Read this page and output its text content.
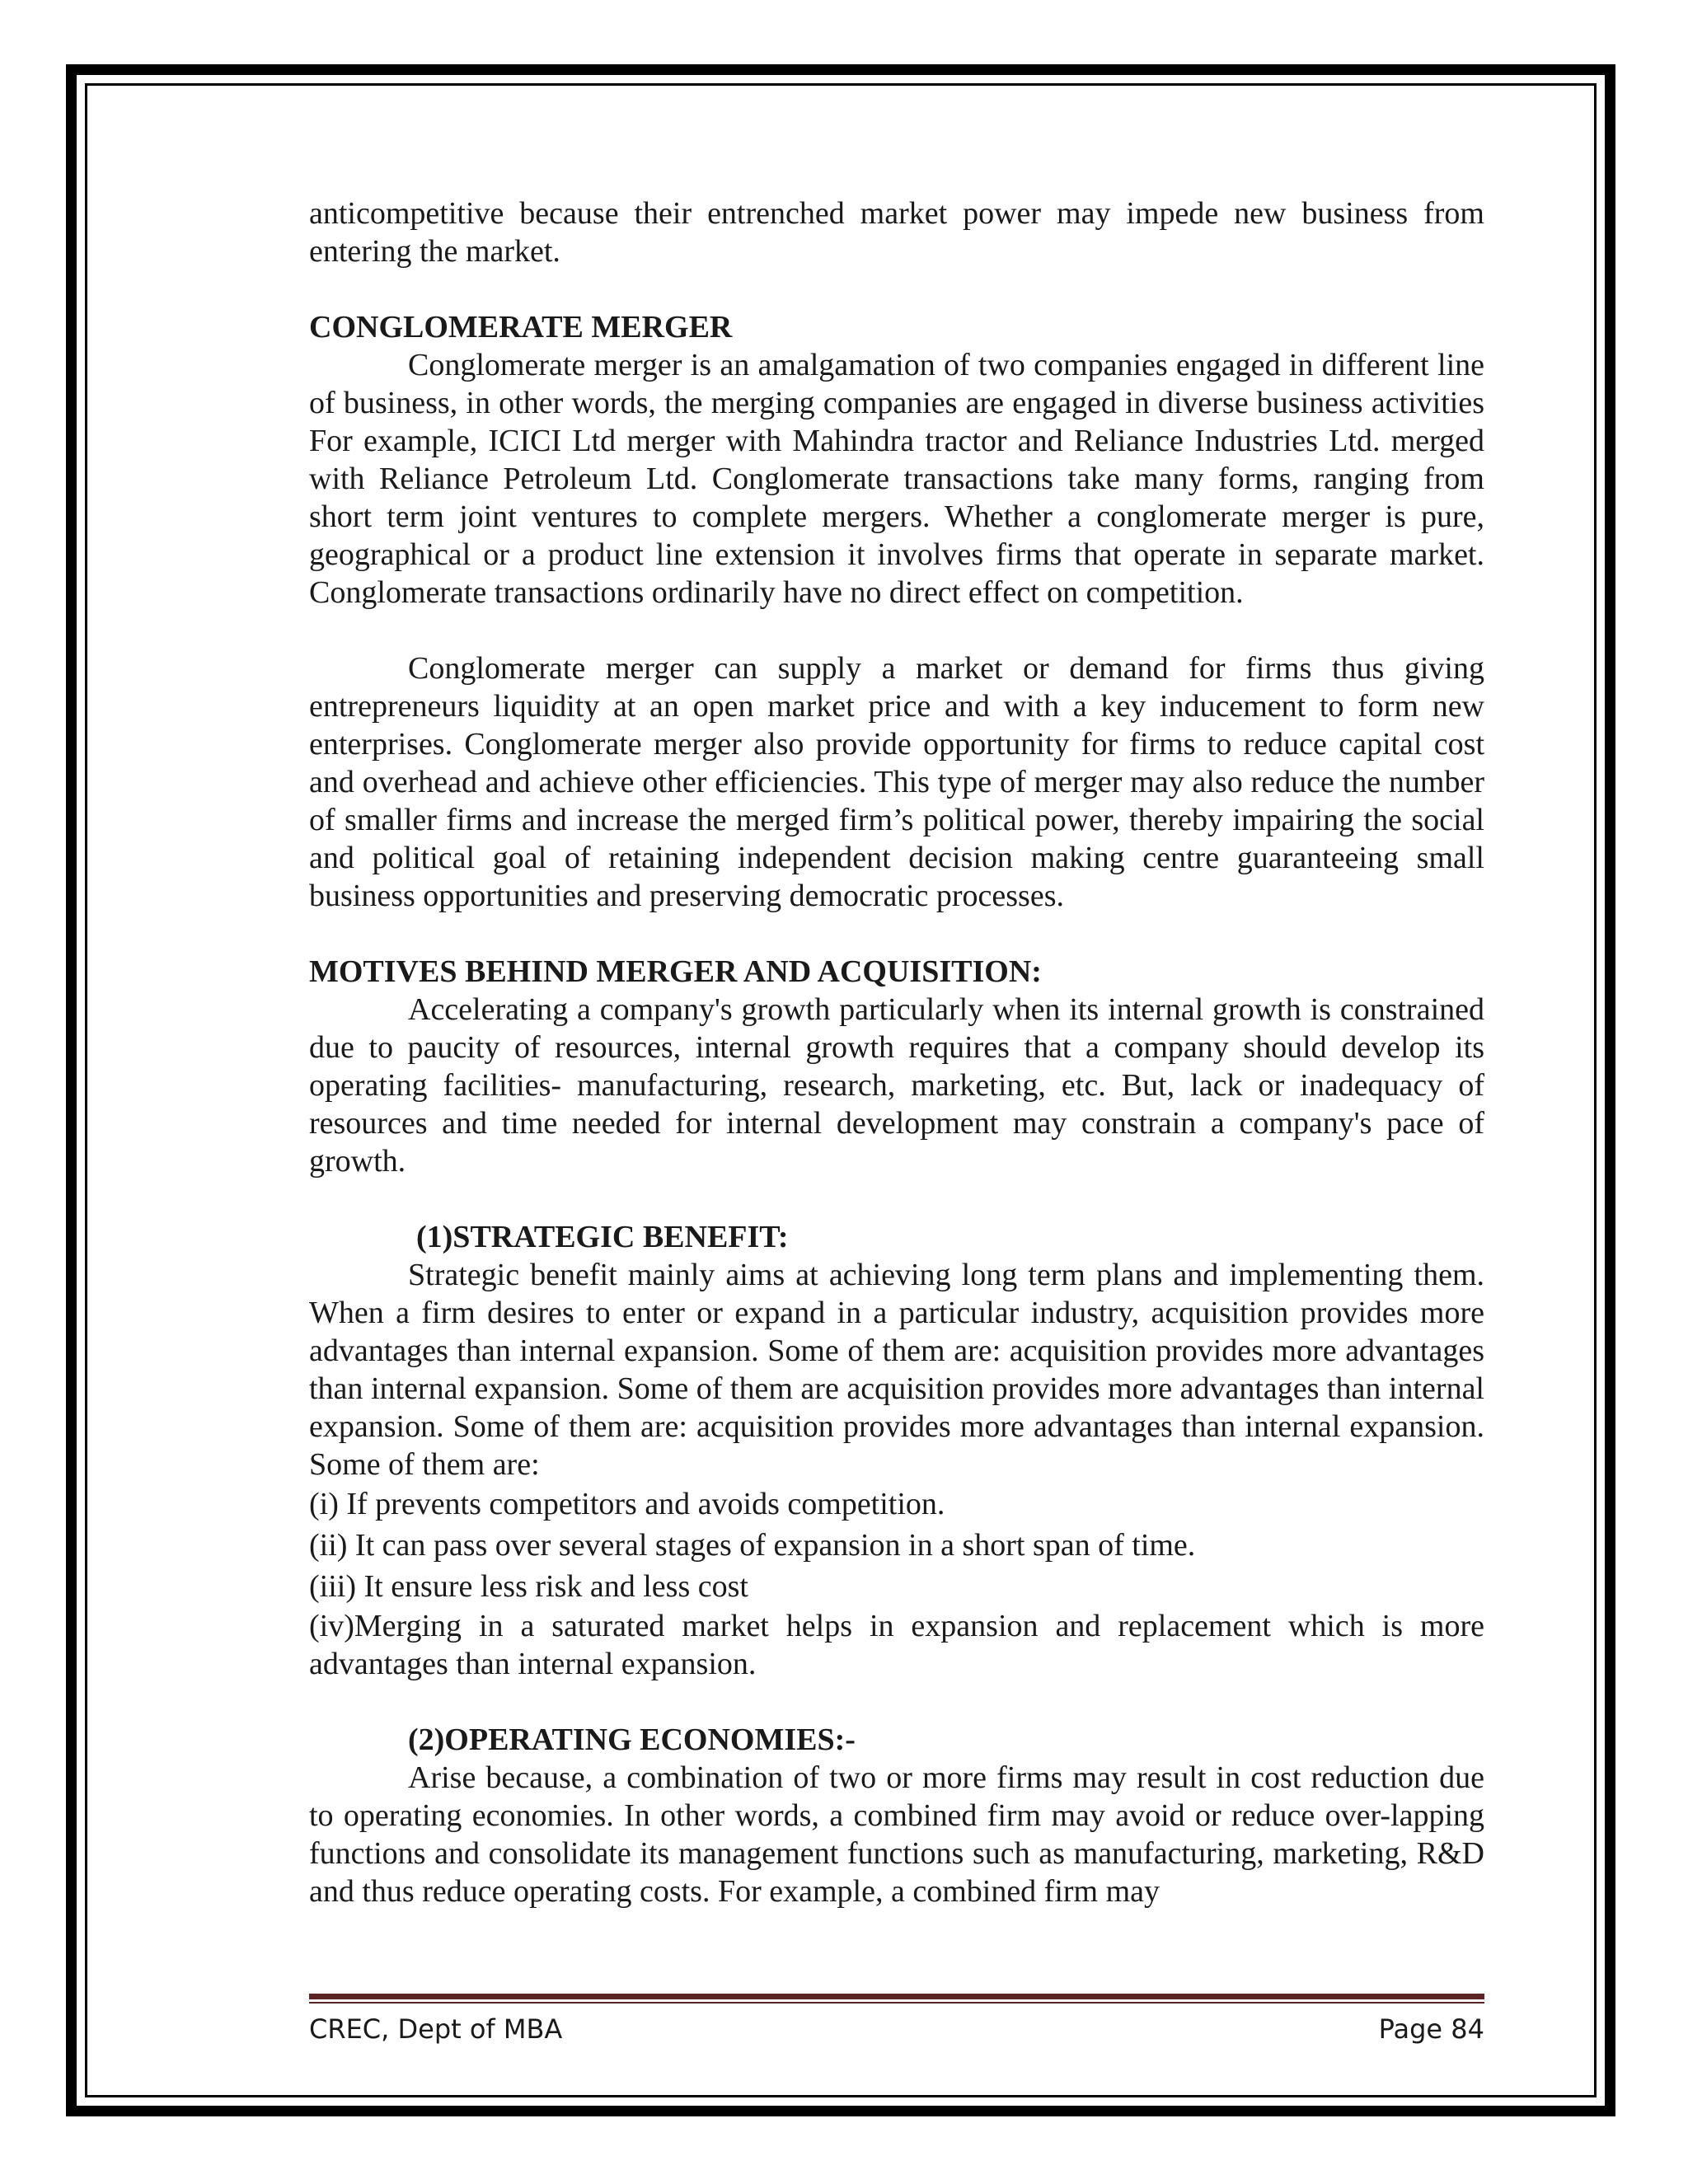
anticompetitive because their entrenched market power may impede new business from entering the market.

CONGLOMERATE MERGER

Conglomerate merger is an amalgamation of two companies engaged in different line of business, in other words, the merging companies are engaged in diverse business activities For example, ICICI Ltd merger with Mahindra tractor and Reliance Industries Ltd. merged with Reliance Petroleum Ltd. Conglomerate transactions take many forms, ranging from short term joint ventures to complete mergers. Whether a conglomerate merger is pure, geographical or a product line extension it involves firms that operate in separate market. Conglomerate transactions ordinarily have no direct effect on competition.

Conglomerate merger can supply a market or demand for firms thus giving entrepreneurs liquidity at an open market price and with a key inducement to form new enterprises. Conglomerate merger also provide opportunity for firms to reduce capital cost and overhead and achieve other efficiencies. This type of merger may also reduce the number of smaller firms and increase the merged firm’s political power, thereby impairing the social and political goal of retaining independent decision making centre guaranteeing small business opportunities and preserving democratic processes.

MOTIVES BEHIND MERGER AND ACQUISITION:

Accelerating a company's growth particularly when its internal growth is constrained due to paucity of resources, internal growth requires that a company should develop its operating facilities- manufacturing, research, marketing, etc. But, lack or inadequacy of resources and time needed for internal development may constrain a company's pace of growth.

(1)STRATEGIC BENEFIT:

Strategic benefit mainly aims at achieving long term plans and implementing them. When a firm desires to enter or expand in a particular industry, acquisition provides more advantages than internal expansion. Some of them are: acquisition provides more advantages than internal expansion. Some of them are acquisition provides more advantages than internal expansion. Some of them are: acquisition provides more advantages than internal expansion. Some of them are:

(i) If prevents competitors and avoids competition.

(ii) It can pass over several stages of expansion in a short span of time.

(iii) It ensure less risk and less cost

(iv)Merging in a saturated market helps in expansion and replacement which is more advantages than internal expansion.

(2)OPERATING ECONOMIES:-

Arise because, a combination of two or more firms may result in cost reduction due to operating economies. In other words, a combined firm may avoid or reduce over-lapping functions and consolidate its management functions such as manufacturing, marketing, R&D and thus reduce operating costs. For example, a combined firm may

CREC, Dept of MBA	Page 84
